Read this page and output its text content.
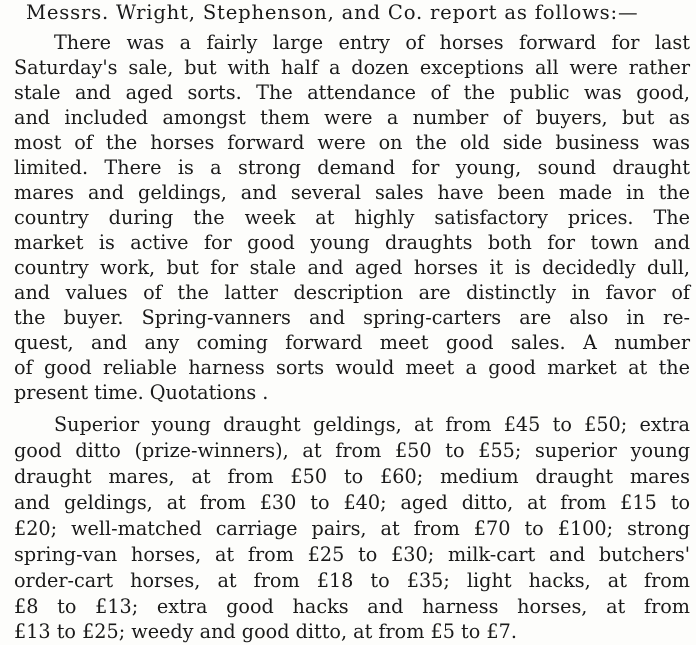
Messrs. Wright, Stephenson, and Co. report as follows:—
There was a fairly large entry of horses forward for last
Saturday's sale, but with half a dozen exceptions all were rather
stale and aged sorts. The attendance of the public was good,
and included amongst them were a number of buyers, but as
most of the horses forward were on the old side business was
limited. There is a strong demand for young, sound draught
mares and geldings, and several sales have been made in the
country during the week at highly satisfactory prices. The
market is active for good young draughts both for town and
country work, but for stale and aged horses it is decidedly dull,
and values of the latter description are distinctly in favor of
the buyer. Spring-vanners and spring-carters are also in re-
quest, and any coming forward meet good sales. A number
of good reliable harness sorts would meet a good market at the
present time. Quotations .
Superior young draught geldings, at from £45 to £50; extra
good ditto (prize-winners), at from £50 to £55; superior young
draught mares, at from £50 to £60; medium draught mares
and geldings, at from £30 to £40; aged ditto, at from £15 to
£20; well-matched carriage pairs, at from £70 to £100; strong
spring-van horses, at from £25 to £30; milk-cart and butchers'
order-cart horses, at from £18 to £35; light hacks, at from
£8 to £13; extra good hacks and harness horses, at from
£13 to £25; weedy and good ditto, at from £5 to £7.
